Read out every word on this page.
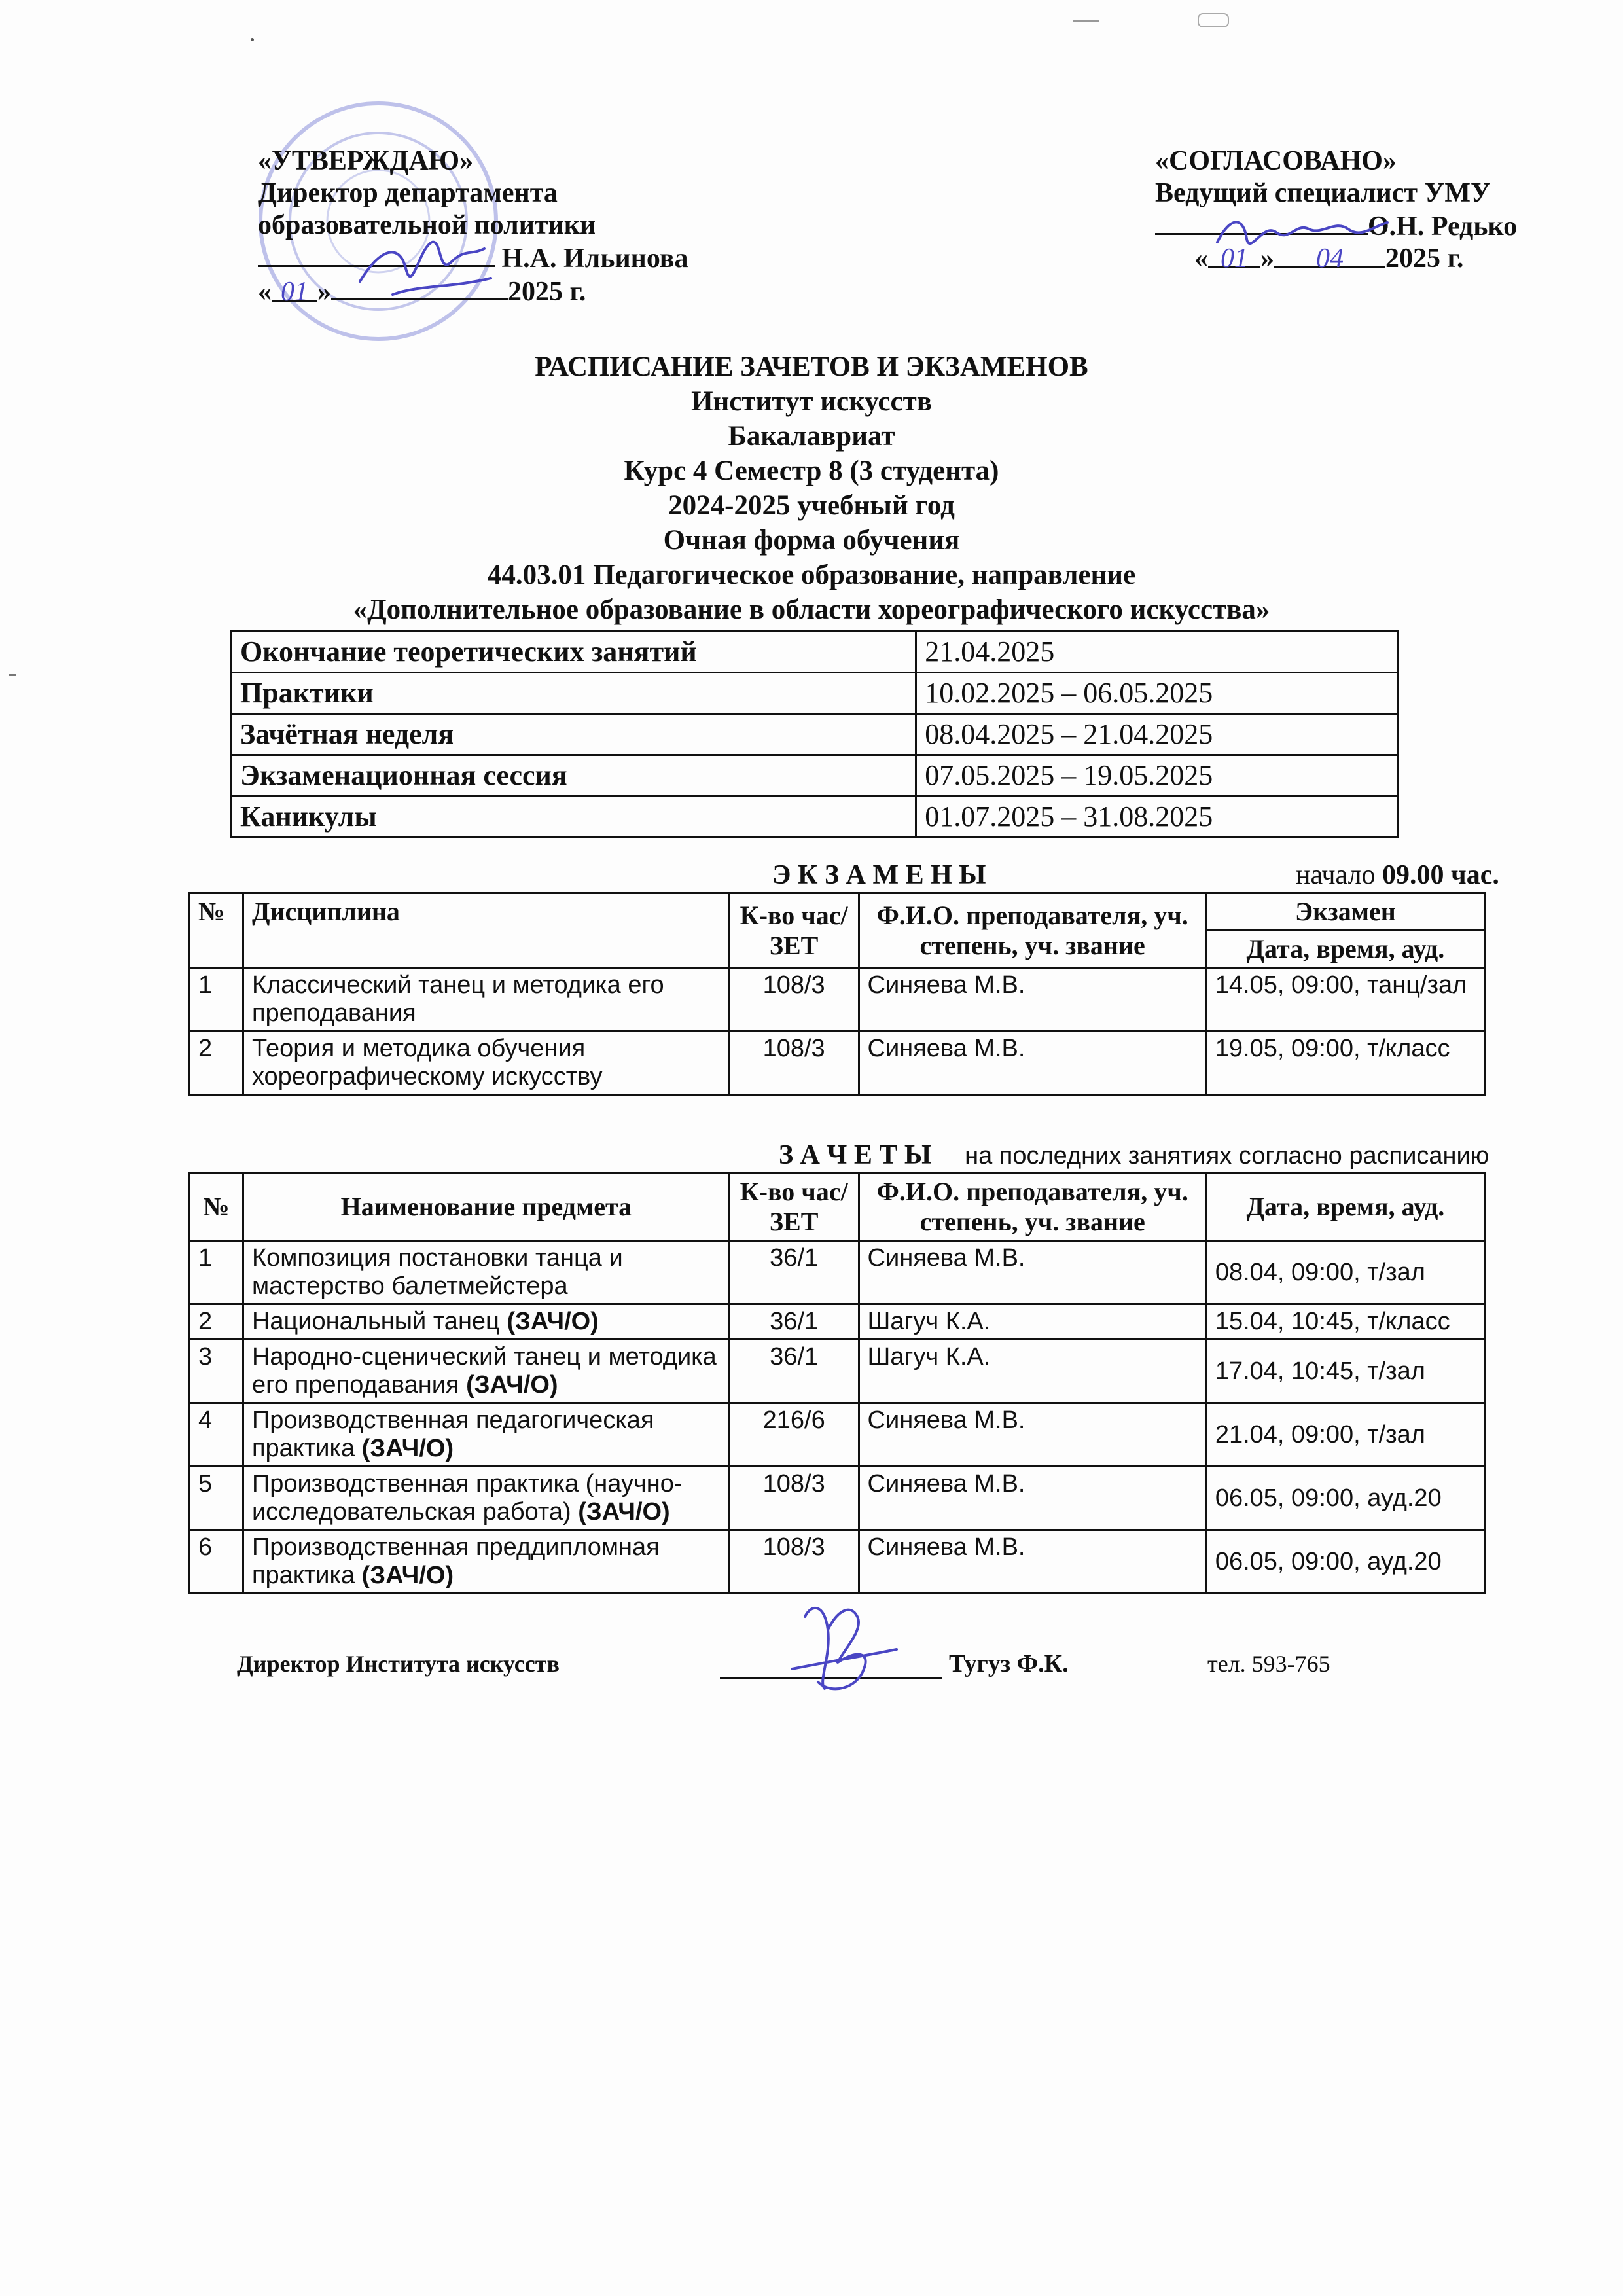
«УТВЕРЖДАЮ»
Директор департамента
образовательной политики
Н.А. Ильинова
« 01 »	2025 г.
«СОГЛАСОВАНО»
Ведущий специалист УМУ
О.Н. Редько
« 01 » 04 2025 г.
РАСПИСАНИЕ ЗАЧЕТОВ И ЭКЗАМЕНОВ
Институт искусств
Бакалавриат
Курс 4 Семестр 8 (3 студента)
2024-2025 учебный год
Очная форма обучения
44.03.01 Педагогическое образование, направление
«Дополнительное образование в области хореографического искусства»
Окончание теоретических занятий	21.04.2025
Практики	10.02.2025 – 06.05.2025
Зачётная неделя	08.04.2025 – 21.04.2025
Экзаменационная сессия	07.05.2025 – 19.05.2025
Каникулы	01.07.2025 – 31.08.2025
Э К З А М Е Н Ы	начало 09.00 час.
№	Дисциплина	К-во час/ ЗЕТ	Ф.И.О. преподавателя, уч. степень, уч. звание	Экзамен
				Дата, время, ауд.
1	Классический танец и методика его преподавания	108/3	Синяева М.В.	14.05, 09:00, танц/зал
2	Теория и методика обучения хореографическому искусству	108/3	Синяева М.В.	19.05, 09:00, т/класс
З А Ч Е Т Ы на последних занятиях согласно расписанию
№	Наименование предмета	К-во час/ЗЕТ	Ф.И.О. преподавателя, уч. степень, уч. звание	Дата, время, ауд.
1	Композиция постановки танца и мастерство балетмейстера	36/1	Синяева М.В.	08.04, 09:00, т/зал
2	Национальный танец (ЗАЧ/О)	36/1	Шагуч К.А.	15.04, 10:45, т/класс
3	Народно-сценический танец и методика его преподавания (ЗАЧ/О)	36/1	Шагуч К.А.	17.04, 10:45, т/зал
4	Производственная педагогическая практика (ЗАЧ/О)	216/6	Синяева М.В.	21.04, 09:00, т/зал
5	Производственная практика (научно-исследовательская работа) (ЗАЧ/О)	108/3	Синяева М.В.	06.05, 09:00, ауд.20
6	Производственная преддипломная практика (ЗАЧ/О)	108/3	Синяева М.В.	06.05, 09:00, ауд.20
Директор Института искусств	Тугуз Ф.К.	тел. 593-765
